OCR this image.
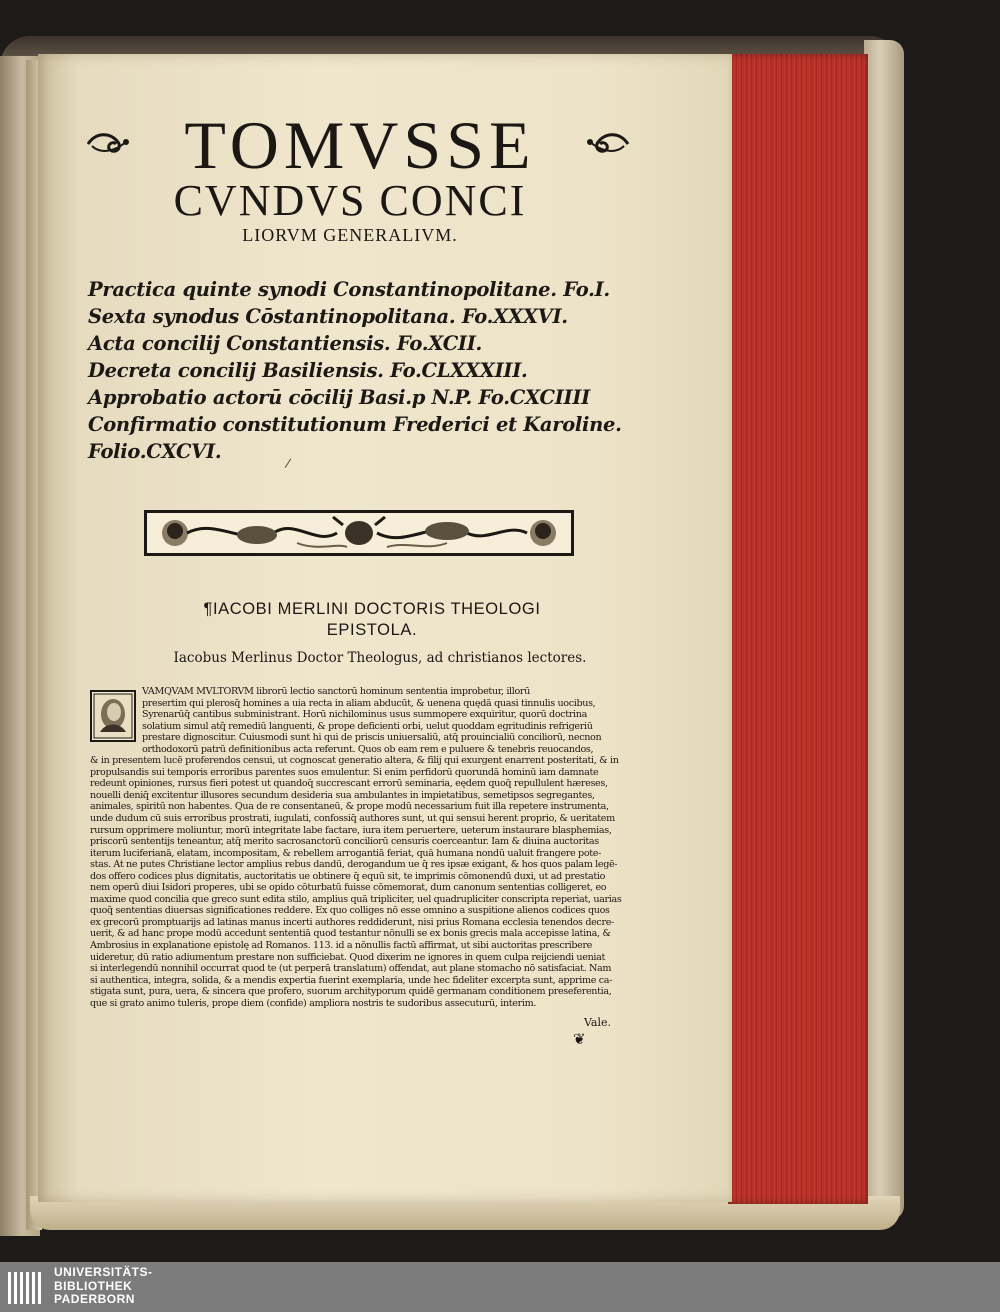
TOMVSSE
CVNDVS CONCI
LIORVM GENERALIVM.
Practica quinte synodi Constantinopolitane. Fo.I.
Sexta synodus Cōstantinopolitana. Fo.XXXVI.
Acta concilij Constantiensis. Fo.XCII.
Decreta concilij Basiliensis. Fo.CLXXXIII.
Approbatio actorū cōcilij Basi.p N.P. Fo.CXCIIII
Confirmatio constitutionum Frederici et Karoline.
Folio.CXCVI.	/
¶IACOBI MERLINI DOCTORIS THEOLOGI
EPISTOLA.
Iacobus Merlinus Doctor Theologus, ad christianos lectores.
VAMQVAM MVLTORVM librorū lectio sanctorū hominum sententia improbetur, illorū
presertim qui plerosq̄ homines a uia recta in aliam abducūt, & uenena quędā quasi tinnulis uocibus,
Syrenarūq̄ cantibus subministrant. Horū nichilominus usus summopere exquiritur, quorū doctrina
solatium simul atq̄ remediū languenti, & prope deficienti orbi, uelut quoddam egritudinis refrigeriū
prestare dignoscitur. Cuiusmodi sunt hi qui de priscis uniuersaliū, atq̄ prouincialiū conciliorū, necnon
orthodoxorū patrū definitionibus acta referunt. Quos ob eam rem e puluere & tenebris reuocandos,
& in presentem lucē proferendos censui, ut cognoscat generatio altera, & filij qui exurgent enarrent posteritati, & in
propulsandis sui temporis erroribus parentes suos emulentur. Si enim perfidorū quorundā hominū iam damnate
redeunt opiniones, rursus fieri potest ut quandoq̄ succrescant errorū seminaria, eędem quoq̄ repullulent hæreses,
nouelli deniq̄ excitentur illusores secundum desideria sua ambulantes in impietatibus, semetipsos segregantes,
animales, spiritū non habentes. Qua de re consentaneū, & prope modū necessarium fuit illa repetere instrumenta,
unde dudum cū suis erroribus prostrati, iugulati, confossiq̄ authores sunt, ut qui sensui herent proprio, & ueritatem
rursum opprimere moliuntur, morū integritate labe factare, iura item peruertere, ueterum instaurare blasphemias,
priscorū sententijs teneantur, atq̄ merito sacrosanctorū conciliorū censuris coerceantur. Iam & diuina auctoritas
iterum luciferianā, elatam, incompositam, & rebellem arrogantiā feriat, quā humana nondū ualuit frangere pote-
stas. At ne putes Christiane lector amplius rebus dandū, derogandum ue q̄ res ipsæ exigant, & hos quos palam legē-
dos offero codices plus dignitatis, auctoritatis ue obtinere q̄ equū sit, te imprimis cōmonendū duxi, ut ad prestatio
nem operū diui Isidori properes, ubi se opido cōturbatū fuisse cōmemorat, dum canonum sententias colligeret, eo
maxime quod concilia que greco sunt edita stilo, amplius quā tripliciter, uel quadrupliciter conscripta reperiat, uarias
quoq̄ sententias diuersas significationes reddere. Ex quo colliges nō esse omnino a suspitione alienos codices quos
ex grecorū promptuarijs ad latinas manus incerti authores reddiderunt, nisi prius Romana ecclesia tenendos decre-
uerit, & ad hanc prope modū accedunt sententiā quod testantur nōnulli se ex bonis grecis mala accepisse latina, &
Ambrosius in explanatione epistolę ad Romanos. 113. id a nōnullis factū affirmat, ut sibi auctoritas prescribere
uideretur, dū ratio adiumentum prestare non sufficiebat. Quod dixerim ne ignores in quem culpa reijciendi ueniat
si interlegendū nonnihil occurrat quod te (ut perperā translatum) offendat, aut plane stomacho nō satisfaciat. Nam
si authentica, integra, solida, & a mendis expertia fuerint exemplaria, unde hec fideliter excerpta sunt, apprime ca-
stigata sunt, pura, uera, & sincera que profero, suorum archityporum quidē germanam conditionem preseferentia,
que si grato animo tuleris, prope diem (confide) ampliora nostris te sudoribus assecuturū, interim.
Vale.
❦
UNIVERSITÄTS-
BIBLIOTHEK
PADERBORN
